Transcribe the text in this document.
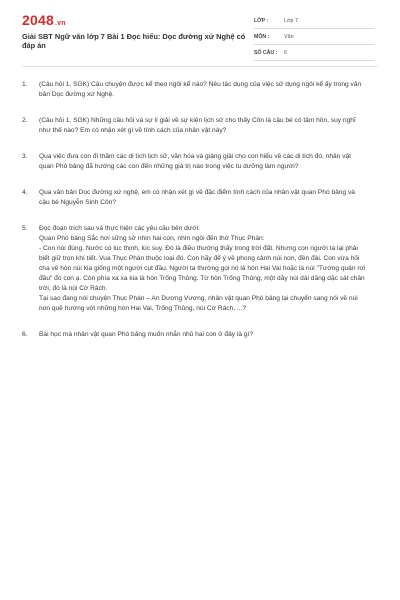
2048.vn
Giải SBT Ngữ văn lớp 7 Bài 1 Đọc hiểu: Dọc đường xứ Nghệ có đáp án
LỚP :	Lớp 7
MÔN :	Văn
SỐ CÂU :	6
1.	(Câu hỏi 1, SGK) Câu chuyện được kể theo ngôi kể nào? Nêu tác dụng của việc sử dụng ngôi kể ấy trong văn bản Dọc đường xứ Nghệ.
2.	(Câu hỏi 1, SGK) Những câu hỏi và sự lí giải về sự kiện lịch sử cho thấy Côn là cậu bé có tâm hồn, suy nghĩ như thế nào? Em có nhận xét gì về tính cách của nhân vật này?
3.	Qua việc đưa con đi thăm các di tích lịch sử, văn hóa và giảng giải cho con hiểu về các di tích đó, nhân vật quan Phó bảng đã hướng các con đến những giá trị nào trong việc tu dưỡng làm người?
4.	Qua văn bản Dọc đường xứ nghệ, em có nhận xét gì về đặc điểm tính cách của nhân vật quan Phó bảng và cậu bé Nguyễn Sinh Côn?
5.	Đọc đoạn trích sau và thực hiện các yêu cầu bên dưới:

Quan Phó bảng Sắc hơi sững sờ nhìn hai con, nhìn ngôi đền thờ Thục Phán:

- Con nói đúng. Nước có lúc thịnh, lúc suy. Đó là điều thường thấy trong trời đất. Nhưng con người ta lại phải biết giữ trọn khí tiết. Vua Thục Phán thuộc loại đó. Con hãy để ý về phong cảnh núi non, đền đài. Con vừa hỏi cha về hòn núi kia giống một người cụt đầu. Người ta thường gọi nó là hòn Hai Vai hoặc là núi "Tướng quân rơi đầu" đó con ạ. Còn phía xa xa kia là hòn Trống Thủng. Từ hòn Trống Thủng, một dãy núi dài dăng dặc sát chân trời, đó là núi Cờ Rách.

Tại sao đang nói chuyện Thục Phán – An Dương Vương, nhân vật quan Phó bảng lại chuyển sang nói về núi non quê hương với những hòn Hai Vai, Trống Thủng, núi Cờ Rách, ...?

6.	Bài học mà nhân vật quan Phó bảng muốn nhắn nhủ hai con ở đây là gì?
